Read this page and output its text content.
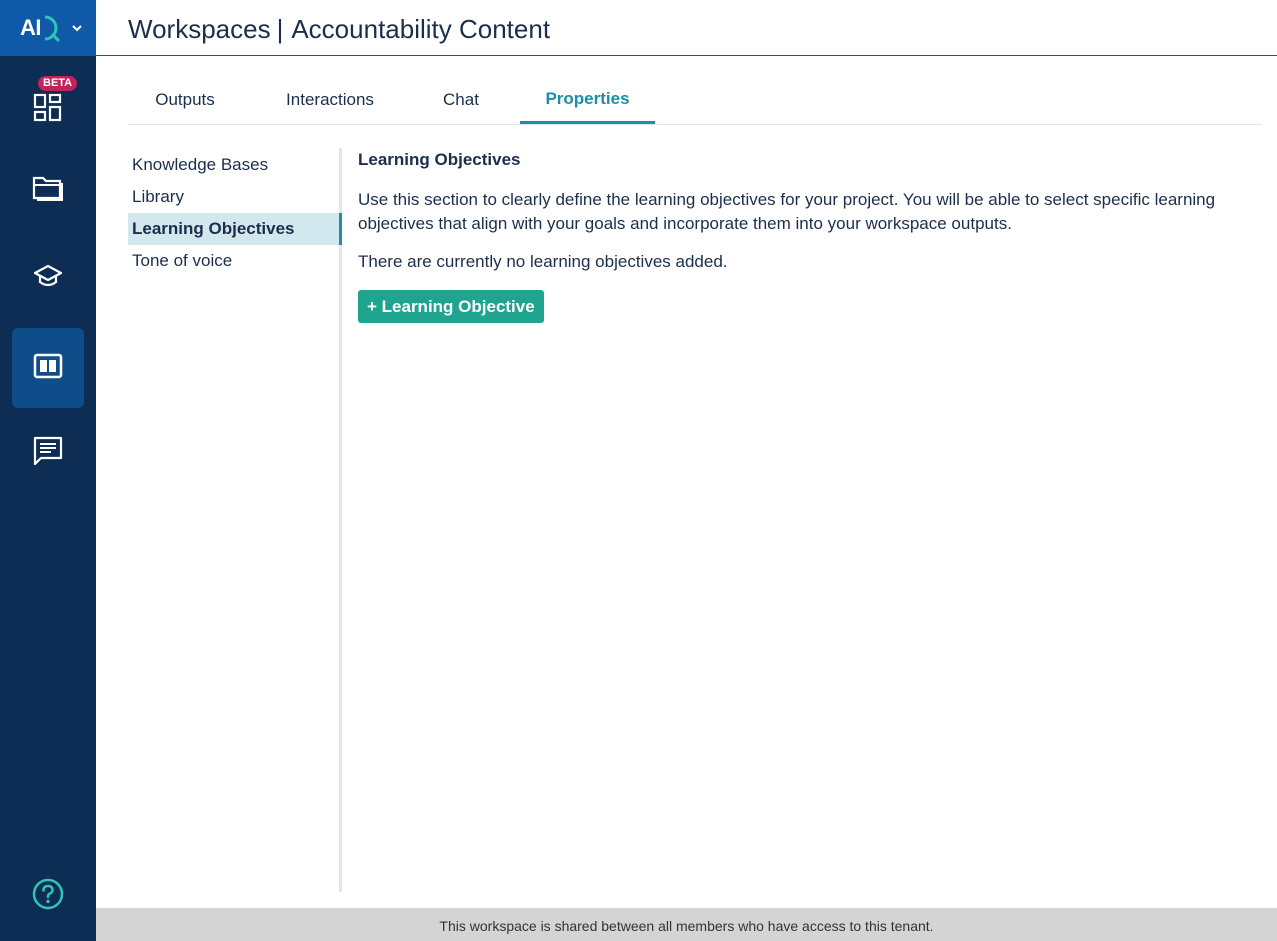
AI
BETA
Workspaces | Accountability Content
Outputs	Interactions	Chat	Properties
Knowledge Bases
Library
Learning Objectives
Tone of voice
Learning Objectives
Use this section to clearly define the learning objectives for your project. You will be able to select specific learning objectives that align with your goals and incorporate them into your workspace outputs.
There are currently no learning objectives added.
+ Learning Objective
This workspace is shared between all members who have access to this tenant.
